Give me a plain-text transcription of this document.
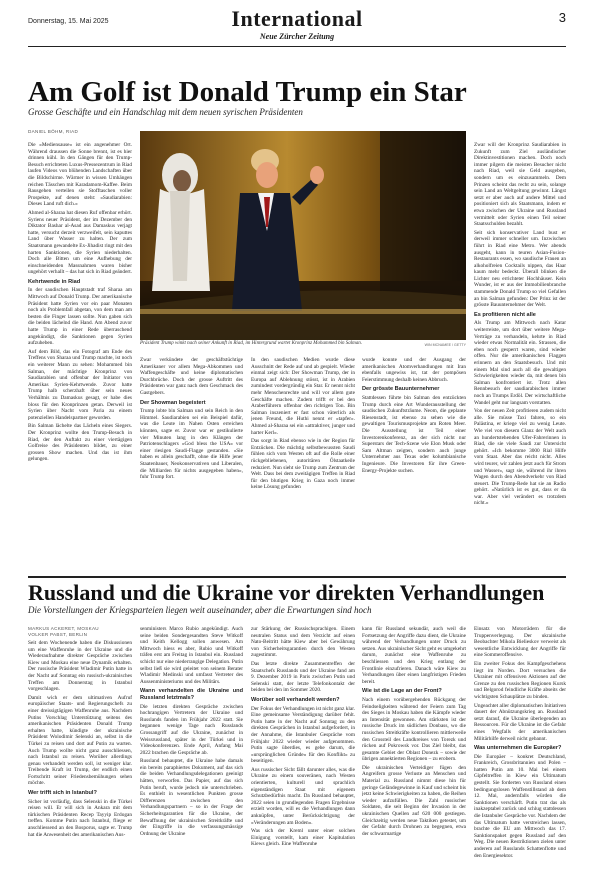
Donnerstag, 15. Mai 2025	International
Neue Zürcher Zeitung
3
Am Golf ist Donald Trump ein Star
Grosse Geschäfte und ein Handschlag mit dem neuen syrischen Präsidenten
DANIEL BÖHM, RIAD

Die «Mediensause» ist ein angenehmer Ort. Während draussen die Sonne brennt, ist es hier drinnen kühl. In den Gängen für den Trump-Besuch errichteten Luxus-Pressezentrum in Riad laufen Videos von blühenden Landschaften über die Bildschirme. Wärmer in wissen Umhängen reichen Tässchen mit Karadamom-Kaffee. Beim Rausgehen verteilen sie Stofftaschen voller Prospekte, auf denen steht: «Saudiarabien: Dieses Land ruft dich.»

Ahmed al-Sharaa hat diesen Ruf offenbar erhört. Syriens neuer Präsident, der im Dezember den Diktator Bashar al-Asad aus Damaskus verjagt hatte, versucht derzeit verzweifelt, sein kaputtes Land über Wasser zu halten. Der zum Staatsmann gewandelte Ex-Jihadist ringt mit den harten Sanktionen, die Syrien niederhalten. Doch alle Bitten um eine Aufhebung der einschneidenden Massnahmen waren bisher ungehört verhallt – das hat sich in Riad geändert.

Kehrtwende in Riad

In der saudischen Hauptstadt traf Sharaa am Mittwoch auf Donald Trump. Der amerikanische Präsident hatte Syrien vor ein paar Monaten noch als Problemfall abgetan, von dem man am besten die Finger lassen sollte. Nun gaben sich die beiden lächelnd die Hand. Am Abend zuvor hatte Trump in einer Rede überraschend angekündigt, die Sanktionen gegen Syrien aufzuheben.

Auf dem Bild, das ein Fotograf am Ende des Treffens von Sharaa und Trump machte, ist noch ein weiterer Mann zu sehen: Mohammed bin Salman, der mächtige Kronprinz von Saudiarabien und offenbar der Initiator von Amerikas Syrien-Kehrtwende. Zuvor hatte Trump halb scherzhaft über sein neues Verhältnis zu Damaskus gesagt, er habe dies bloss für den Kronprinzen getan. Derweil ist Syrien über Nacht vom Paria zu einem potenziellen Handelspartner geworden.

Bin Salman lächelte das Lächeln eines Siegers. Der Kronprinz wollte den Trump-Besuch in Riad, der den Auftakt zu einer viertägigen Golfreise des Präsidenten bildet, zu einer grossen Show machen. Und das ist ihm gelungen.

Präsident Trump winkt nach seiner Ankunft in Riad, im Hintergrund wartet Kronprinz Mohammed bin Salman.	WIN MCNAMEE / GETTY

Zwar verkündete der geschäftstüchtige Amerikaner vor allem Mega-Abkommen und Waffengeschäfte und keine diplomatischen Durchbrüche. Doch der grosse Auftritt des Präsidenten war ganz nach dem Geschmack des Gastgebers.

Der Showman begeistert

Trump lobte bin Salman und sein Reich in den Himmel. Saudiarabien sei ein Beispiel dafür, was die Leute im Nahen Osten erreichen könnten, sagte er. Zuvor war er gestikulierte vier Minuten lang in den Klängen der Patriotenschlagers «God bless the USA» vor einer riesigen Saudi-Flagge gestanden. «Sie haben es allein geschafft, ohne die Hilfe jener Staatenbauer, Neokonservativen und Liberalen, die Milliarden für nichts ausgegeben haben», fuhr Trump fort.

In den saudischen Medien wurde diese Ausschnitt der Rede auf und ab gespielt. Wieder einmal zeigt sich: Der Showman Trump, der in Europa auf Ablehnung stösst, ist in Arabien zumindest vordergründig ein Star. Er nennt nicht mehr Menschenrechte und will vor allem gute Geschäfte machen. Zudem trifft er bei den Araberführern offenbar den richtigen Ton. Bin Salman inszeniert er fast schon väterlich als jenen Freund, die Huthi nennt er «tapfer». Ahmed al-Sharaa sei ein «attraktiver, junger und harter Kerl».

Das sorgt in Riad ebenso wie in der Region für Entzücken. Die mächtig selbstbewussten Saudi fühlen sich vom Westen oft auf die Rolle einer rückgebliebenen, autoritären Ölstaatkeile reduziert. Nun sieht sie Trump zum Zentrum der Welt. Dass bei dem zweitägigen Treffen in Riad für den blutigen Krieg in Gaza noch immer keine Lösung gefunden

wurde konnte und der Ausgang der amerikanischen Atomverhandlungen mit Iran ebenfalls ungewiss ist, tat der pompösen Feierstimmung deshalb keinen Abbruch.

Der grösste Bauunternehmer

Stattdessen führte bin Salman den entzückten Trump durch eine Art Wunderausstellung der saudischen Zukunftsträume. Neom, die geplante Riesenstadt, ist ebenso zu sehen wie die gewaltigen Tourismusprojekte am Roten Meer. Die Ausstellung ist Teil einer Investorenkonferenz, an der sich nicht nur Superstars der Tech-Szene wie Elon Musk oder Sam Altman zeigten, sondern auch junge Unternehmer aus Texas oder kolumbianische Ingenieure. Die Investoren für ihre Green-Energy-Projekte suchen.

Zwar will der Kronprinz Saudiarabien in Zukunft zum Ziel ausländischer Direktinvestitionen machen. Doch noch immer pilgern die meisten Besucher nicht nach Riad, weil sie Geld ausgeben, sondern um es einzusammeln. Dem Prinzen scheint das recht zu sein, solange sein Land an Weltgeltung gewinnt. Längst setzt er aber auch auf andere Mittel und positioniert sich als Staatsmann, indem er etwa zwischen der Ukraine und Russland vermittelt oder Syrien einen Teil seiner Staatsschulden bezahlt.

Seit sich konservativer Land bust er derweil immer schneller um. Inzwischen führt in Riad eine Metro. Wer abends ausgeht, kann in teuren Asian-Fusion-Restaurants essen, wo saudische Frauen an alkoholfreien Cocktails nippen, das Haar kaum mehr bedeckt. Überall blinken die Lichter neu errichteter Hochhäuser. Kein Wunder, ist er aus der Immobilienbranche stammende Donald Trump so viel Gefallen an bin Salman gefunden: Der Prinz ist der grösste Bauunternehmer der Welt.

Es profitieren nicht alle

Als Trump am Mittwoch nach Katar weiterreiste, um dort über weitere Mega-Verträge zu verhandeln, kehrte in Riad wieder etwas Normalität ein. Strassen, die eben noch gesperrt waren, sind wieder offen. Nur die amerikanischen Flaggen erinnern an den Staatsbesuch. Und mit einem Mal sind auch all die gewaltigen Schwierigkeiten wieder da, mit denen bin Salman konfrontiert ist. Trotz allen Rennbesuch der saudiarabischen immer noch an Trumps Erdöl. Der wirtschaftliche Wandel geht nur langsam vorstatten.

Von der neuen Zeit profitieren zudem nicht alle. Sie müsse Taxi fahren, so ein Palästina, er kriege viel zu wenig Leute. Wie viel von diesem Glanz der Welt auch an hundertstehenden Ufer-Fahrerinnen in Riad, die sie viele Saudi zur Untersicht gehört. «Ich bekomme 3000 Rial Hilfe vom Staat. Aber das reicht nicht. Alles wird teurer, wir zahlen jetzt auch für Strom und Wasser», sagt sie, während ihr ihren Wagen durch den Abendverkehr von Riad steuert. Die Trump-Rede hat sie an Radio gehört. «Natürlich ist es gut, dass er da war. Aber viel verändert es trotzdem nicht.»

Russland und die Ukraine vor direkten Verhandlungen
Die Vorstellungen der Kriegsparteien liegen weit auseinander, aber die Erwartungen sind hoch
MARKUS ACKERET, MOSKAU
VOLKER PABST, BERLIN

Seit dem Wochenende haben die Diskussionen um eine Waffenruhe in der Ukraine und die Wiederaufnahme direkter Gespräche zwischen Kiew und Moskau eine neue Dynamik erhalten. Der russische Präsident Wladimir Putin hatte in der Nacht auf Sonntag ein russisch-ukrainisches Treffen am Donnerstag in Istanbul vorgeschlagen.

Damit wich er dem ultimativen Aufruf europäischer Staats- und Regierungschefs zu einer dreissigtägigen Waffenruhe aus. Nachdem Putins Vorschlag Unterstützung seitens des amerikanischen Präsidenten Donald Trump erhalten hatte, kündigte der ukrainische Präsident Wolodimir Selenski an, selbst in die Türkei zu reisen und dort auf Putin zu warten. Auch Trump wollte nicht ganz ausschliessen, nach Istanbul zu reisen. Worüber allerdings genau verhandelt werden soll, ist weniger klar. Treibende Kraft ist Trump, der endlich einen Fortschritt seiner Friedensbemühungen sehen möchte.

Wer trifft sich in Istanbul?

Sicher ist vorläufig, dass Selenski in die Türkei reisen will. Er will sich in Ankara mit dem türkischen Präsidenten Recep Tayyip Erdogan treffen. Komme Putin nach Istanbul, fliege er anschliessend an den Bosporus, sagte er. Trump hat die Anwesenheit des amerikanischen Aus-

senministers Marco Rubio angekündigt. Auch seine beiden Sondergesandten Steve Witkoff und Keith Kellogg sollen anwesen. Am Mittwoch hiess es aber, Rubio und Witkoff träfen erst am Freitag in Istanbul ein. Russland schickt nur eine niederrangige Delegation. Putin selbst ließ sie wird geleitet von seinem Berater Wladimir Medinski und umfasst Vertreter des Aussenministeriums und des Militärs.

Wann verhandelten die Ukraine und Russland letztmals?

Die letzten direkten Gespräche zwischen hochrangigen Vertretern der Ukraine und Russlands fanden im Frühjahr 2022 statt. Sie begannen wenige Tage nach Russlands Grossangriff auf die Ukraine, zunächst in Weissrussland, später in der Türkei und in Videokonferenzen. Ende April, Anfang Mai 2022 brachen die Gespräche ab.

Russland behauptet, die Ukraine habe damals ein bereits paraphiertes Dokument, auf das sich die beiden Verhandlungsdelegationen geeinigt hätten, verworfen. Das Papier, auf das sich Putin beruft, wurde jedoch nie unterschrieben. Es enthielt in wesentlichen Punkten grosse Differenzen zwischen den Verhandlungspartnern – so in der Frage der Sicherheitsgarantien für die Ukraine, der Bewaffnung der ukrainischen Streitkräfte und der Eingriffe in die verfassungsmässige Ordnung der Ukraine

zur Stärkung der Russischsprachigen. Einem neutralen Status und dem Verzicht auf einen Nato-Beitritt hätte Kiew aber bei Gewährung von Sicherheitsgarantien durch den Westen zugestimmt.

Das letzte direkte Zusammentreffen der Staatschefs Russlands und der Ukraine fand am 9. Dezember 2019 in Paris zwischen Putin und Selenski statt, der letzte Telefonkontakt der beiden bei den im Sommer 2020.

Worüber soll verhandelt werden?

Der Fokus der Verhandlungen ist nicht ganz klar. Eine gemeinsame Verständigung darüber fehlt. Putin hatte in der Nacht auf Sonntag zu den direkten Gesprächen in Istanbul aufgefordert, in der Annahme, die Istanbuler Gespräche vom Frühjahr 2022 wieder wieder aufgenommen. Putin sagte überdies, es gehe darum, die «ursprünglichen Gründe» für den Konflikt» zu beseitigen.

Aus russischer Sicht fällt darunter alles, was die Ukraine zu einem souveränen, nach Westen orientierten, kulturell und sprachlich eigenständigen Staat mit eigenem Schutzbedürfnis macht. Da Russland behauptet, 2022 seien in grundlegenden Fragen Ergebnisse erzielt worden, will es die Verhandlungen dann anknüpfen, unter Berücksichtigung der «Veränderungen am Boden».

Was sich der Kreml unter einer solchen Einigung vorstellt, kam einer Kapitulation Kiews gleich. Eine Waffenruhe

kann für Russland sekundär, auch weil die Fortsetzung der Angriffe dazu dient, die Ukraine während der Verhandlungen unter Druck zu setzen. Aus ukrainischer Sicht geht es umgekehrt darum, zunächst eine Waffenruhe zu beschliessen und den Krieg entlang der Frontlinie einzufrieren. Danach wäre Kiew zu Verhandlungen über einen langfristigen Frieden bereit.

Wie ist die Lage an der Front?

Nach einem vorübergehenden Rückgang der Feindseligkeiten während der Feiern zum Tag des Sieges in Moskau haben die Kämpfe wieder an Intensität gewonnen. Am stärksten ist der russische Druck im südlichen Donbass, wo die russischen Streitkräfte kontrollieren mittlerweile den Grossteil des Landkreises von Torezk und rücken auf Pokrowsk vor. Das Ziel bleibt, das gesamte Gebiet der Oblast Donezk – sowie der übrigen annektierten Regionen – zu erobern.

Die ukrainischen Verteidiger fügen den Angreifern grosse Verluste an Menschen und Material zu. Russland nimmt diese hin für geringe Geländegewinne in Kauf und scheint bis jetzt keine Schwierigkeiten zu haben, die Reihen wieder aufzufüllen. Die Zahl russischer Soldaten, die seit Beginn der Invasion in der ukrainischen Quellen auf 620 000 gestiegen. Gleichzeitig werden neue Taktiken getestet, um der Gefahr durch Drohnen zu begegnen, etwa der schwarmartige

Einsatz von Motorrädern für die Truppenverlegung. Der ukrainische Beobachter Mikola Bielieskov verweist als wesentliche Entwicklung der Angriffe für eine Sommeroffensive.

Ein zweiter Fokus des Kampfgeschehens liegt im Norden. Dort versuchen die Ukrainer mit offensiven Aktionen auf der Grenze zu den russischen Regionen Kursk und Belgorod feindliche Kräfte abseits der wichtigsten Schauplätze zu binden.

Ungeachtet aller diplomatischen Initiativen dauert der Abnützungskrieg an. Russland setzt darauf, die Ukraine überlegenden an Ressourcen. Für die Ukraine ist die Gefahr eines Wegfalls der amerikanischen Militärhilfe derweil nicht gebannt.

Was unternehmen die Europäer?

Die Europäer – konkret Deutschland, Frankreich, Grossbritannien und Polen – hatten Putin am 10. Mai bei einem Gipfeltreffen in Kiew ein Ultimatum gestellt. Sie forderten von Russland einen bedingungslosen Waffenstillstand ab dem 12. Mai, andernfalls würden die Sanktionen verschärft. Putin trat das als inakzeptabel zurück und schlug stattdessen die Istanbuler Gespräche vor. Nachdem der das Ultimatum hatte verstreichen lassen, brachte die EU am Mittwoch das 17. Sanktionspaket gegen Russland auf den Weg. Die neuen Restriktionen zielen unter anderem auf Russlands Schattenflotte und den Energiesektor.
